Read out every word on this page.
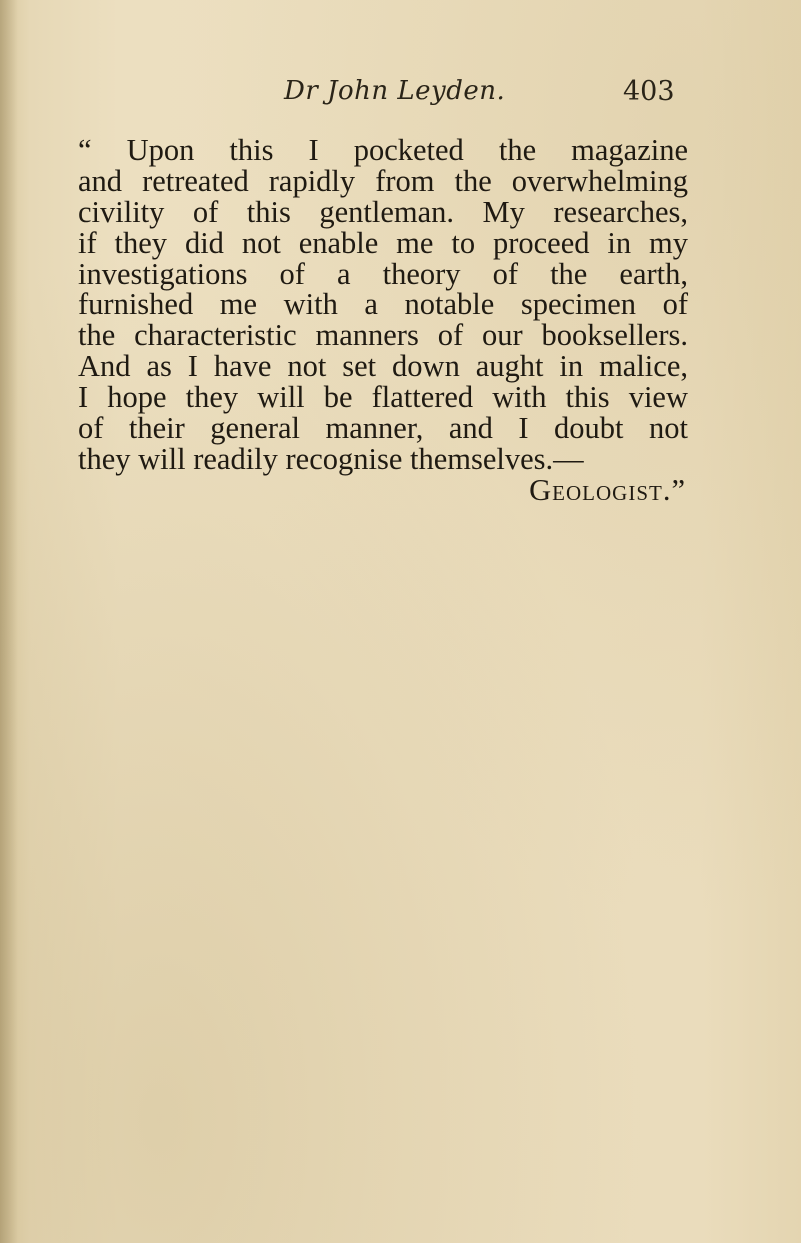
Dr John Leyden.	403
“ Upon this I pocketed the magazine
and retreated rapidly from the overwhelming
civility of this gentleman. My researches,
if they did not enable me to proceed in my
investigations of a theory of the earth,
furnished me with a notable specimen of
the characteristic manners of our booksellers.
And as I have not set down aught in malice,
I hope they will be flattered with this view
of their general manner, and I doubt not
they will readily recognise themselves.—
Geologist.”
